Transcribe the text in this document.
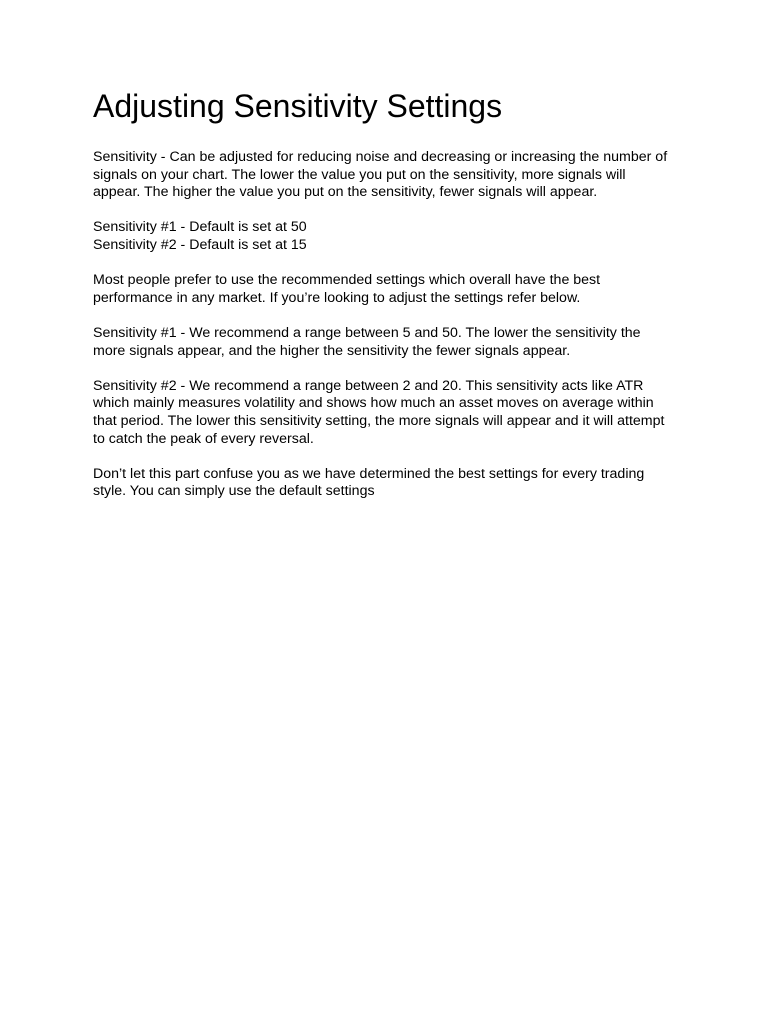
Adjusting Sensitivity Settings

Sensitivity - Can be adjusted for reducing noise and decreasing or increasing the number of signals on your chart. The lower the value you put on the sensitivity, more signals will appear. The higher the value you put on the sensitivity, fewer signals will appear.

Sensitivity #1 - Default is set at 50
Sensitivity #2 - Default is set at 15

Most people prefer to use the recommended settings which overall have the best performance in any market. If you’re looking to adjust the settings refer below.

Sensitivity #1 - We recommend a range between 5 and 50. The lower the sensitivity the more signals appear, and the higher the sensitivity the fewer signals appear.

Sensitivity #2 - We recommend a range between 2 and 20. This sensitivity acts like ATR which mainly measures volatility and shows how much an asset moves on average within that period. The lower this sensitivity setting, the more signals will appear and it will attempt to catch the peak of every reversal.

Don’t let this part confuse you as we have determined the best settings for every trading style. You can simply use the default settings
